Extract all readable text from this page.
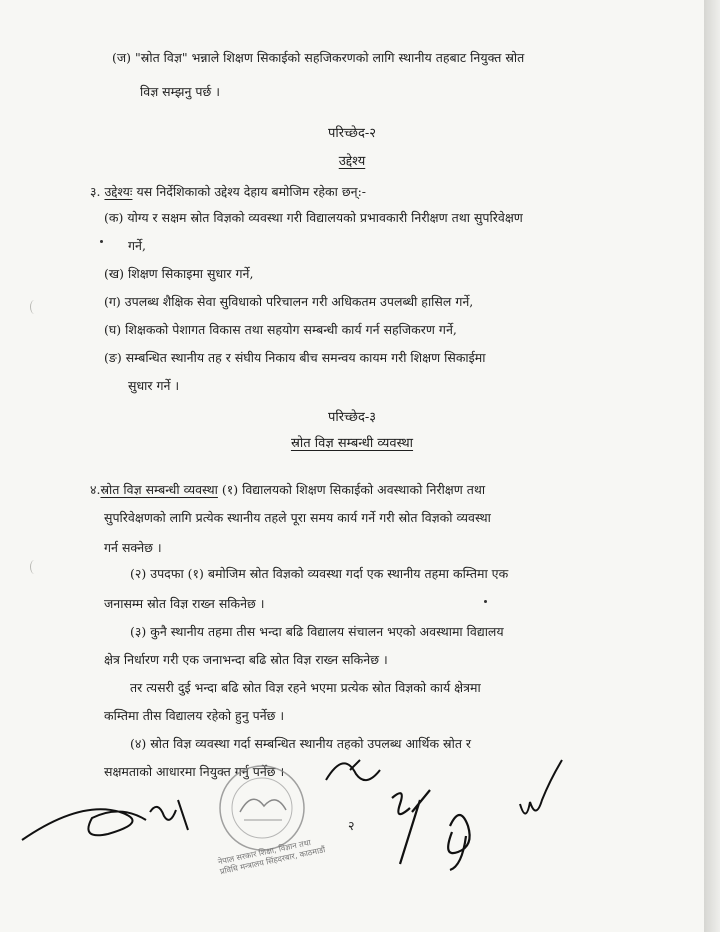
(ज) "स्रोत विज्ञ" भन्नाले शिक्षण सिकाईको सहजिकरणको लागि स्थानीय तहबाट नियुक्त स्रोत
विज्ञ सम्झनु पर्छ ।
परिच्छेद-२
उद्देश्य
३. उद्देश्यः यस निर्देशिकाको उद्देश्य देहाय बमोजिम रहेका छन्:-
(क) योग्य र सक्षम स्रोत विज्ञको व्यवस्था गरी विद्यालयको प्रभावकारी निरीक्षण तथा सुपरिवेक्षण
गर्ने,
(ख) शिक्षण सिकाइमा सुधार गर्ने,
(ग) उपलब्ध शैक्षिक सेवा सुविधाको परिचालन गरी अधिकतम उपलब्धी हासिल गर्ने,
(घ) शिक्षकको पेशागत विकास तथा सहयोग सम्बन्धी कार्य गर्न सहजिकरण गर्ने,
(ङ) सम्बन्धित स्थानीय तह र संघीय निकाय बीच समन्वय कायम गरी शिक्षण सिकाईमा
सुधार गर्ने ।
परिच्छेद-३
स्रोत विज्ञ सम्बन्धी व्यवस्था
४.स्रोत विज्ञ सम्बन्धी व्यवस्था (१) विद्यालयको शिक्षण सिकाईको अवस्थाको निरीक्षण तथा
सुपरिवेक्षणको लागि प्रत्येक स्थानीय तहले पूरा समय कार्य गर्ने गरी स्रोत विज्ञको व्यवस्था
गर्न सक्नेछ ।
(२) उपदफा (१) बमोजिम स्रोत विज्ञको व्यवस्था गर्दा एक स्थानीय तहमा कम्तिमा एक
जनासम्म स्रोत विज्ञ राख्न सकिनेछ ।
(३) कुनै स्थानीय तहमा तीस भन्दा बढि विद्यालय संचालन भएको अवस्थामा विद्यालय
क्षेत्र निर्धारण गरी एक जनाभन्दा बढि स्रोत विज्ञ राख्न सकिनेछ ।
तर त्यसरी दुई भन्दा बढि स्रोत विज्ञ रहने भएमा प्रत्येक स्रोत विज्ञको कार्य क्षेत्रमा
कम्तिमा तीस विद्यालय रहेको हुनु पर्नेछ ।
(४) स्रोत विज्ञ व्यवस्था गर्दा सम्बन्धित स्थानीय तहको उपलब्ध आर्थिक स्रोत र
सक्षमताको आधारमा नियुक्त गर्नु पर्नेछ ।
२
नेपाल सरकार शिक्षा, विज्ञान तथा प्रविधि मन्त्रालय सिंहदरबार, काठमाडौं
